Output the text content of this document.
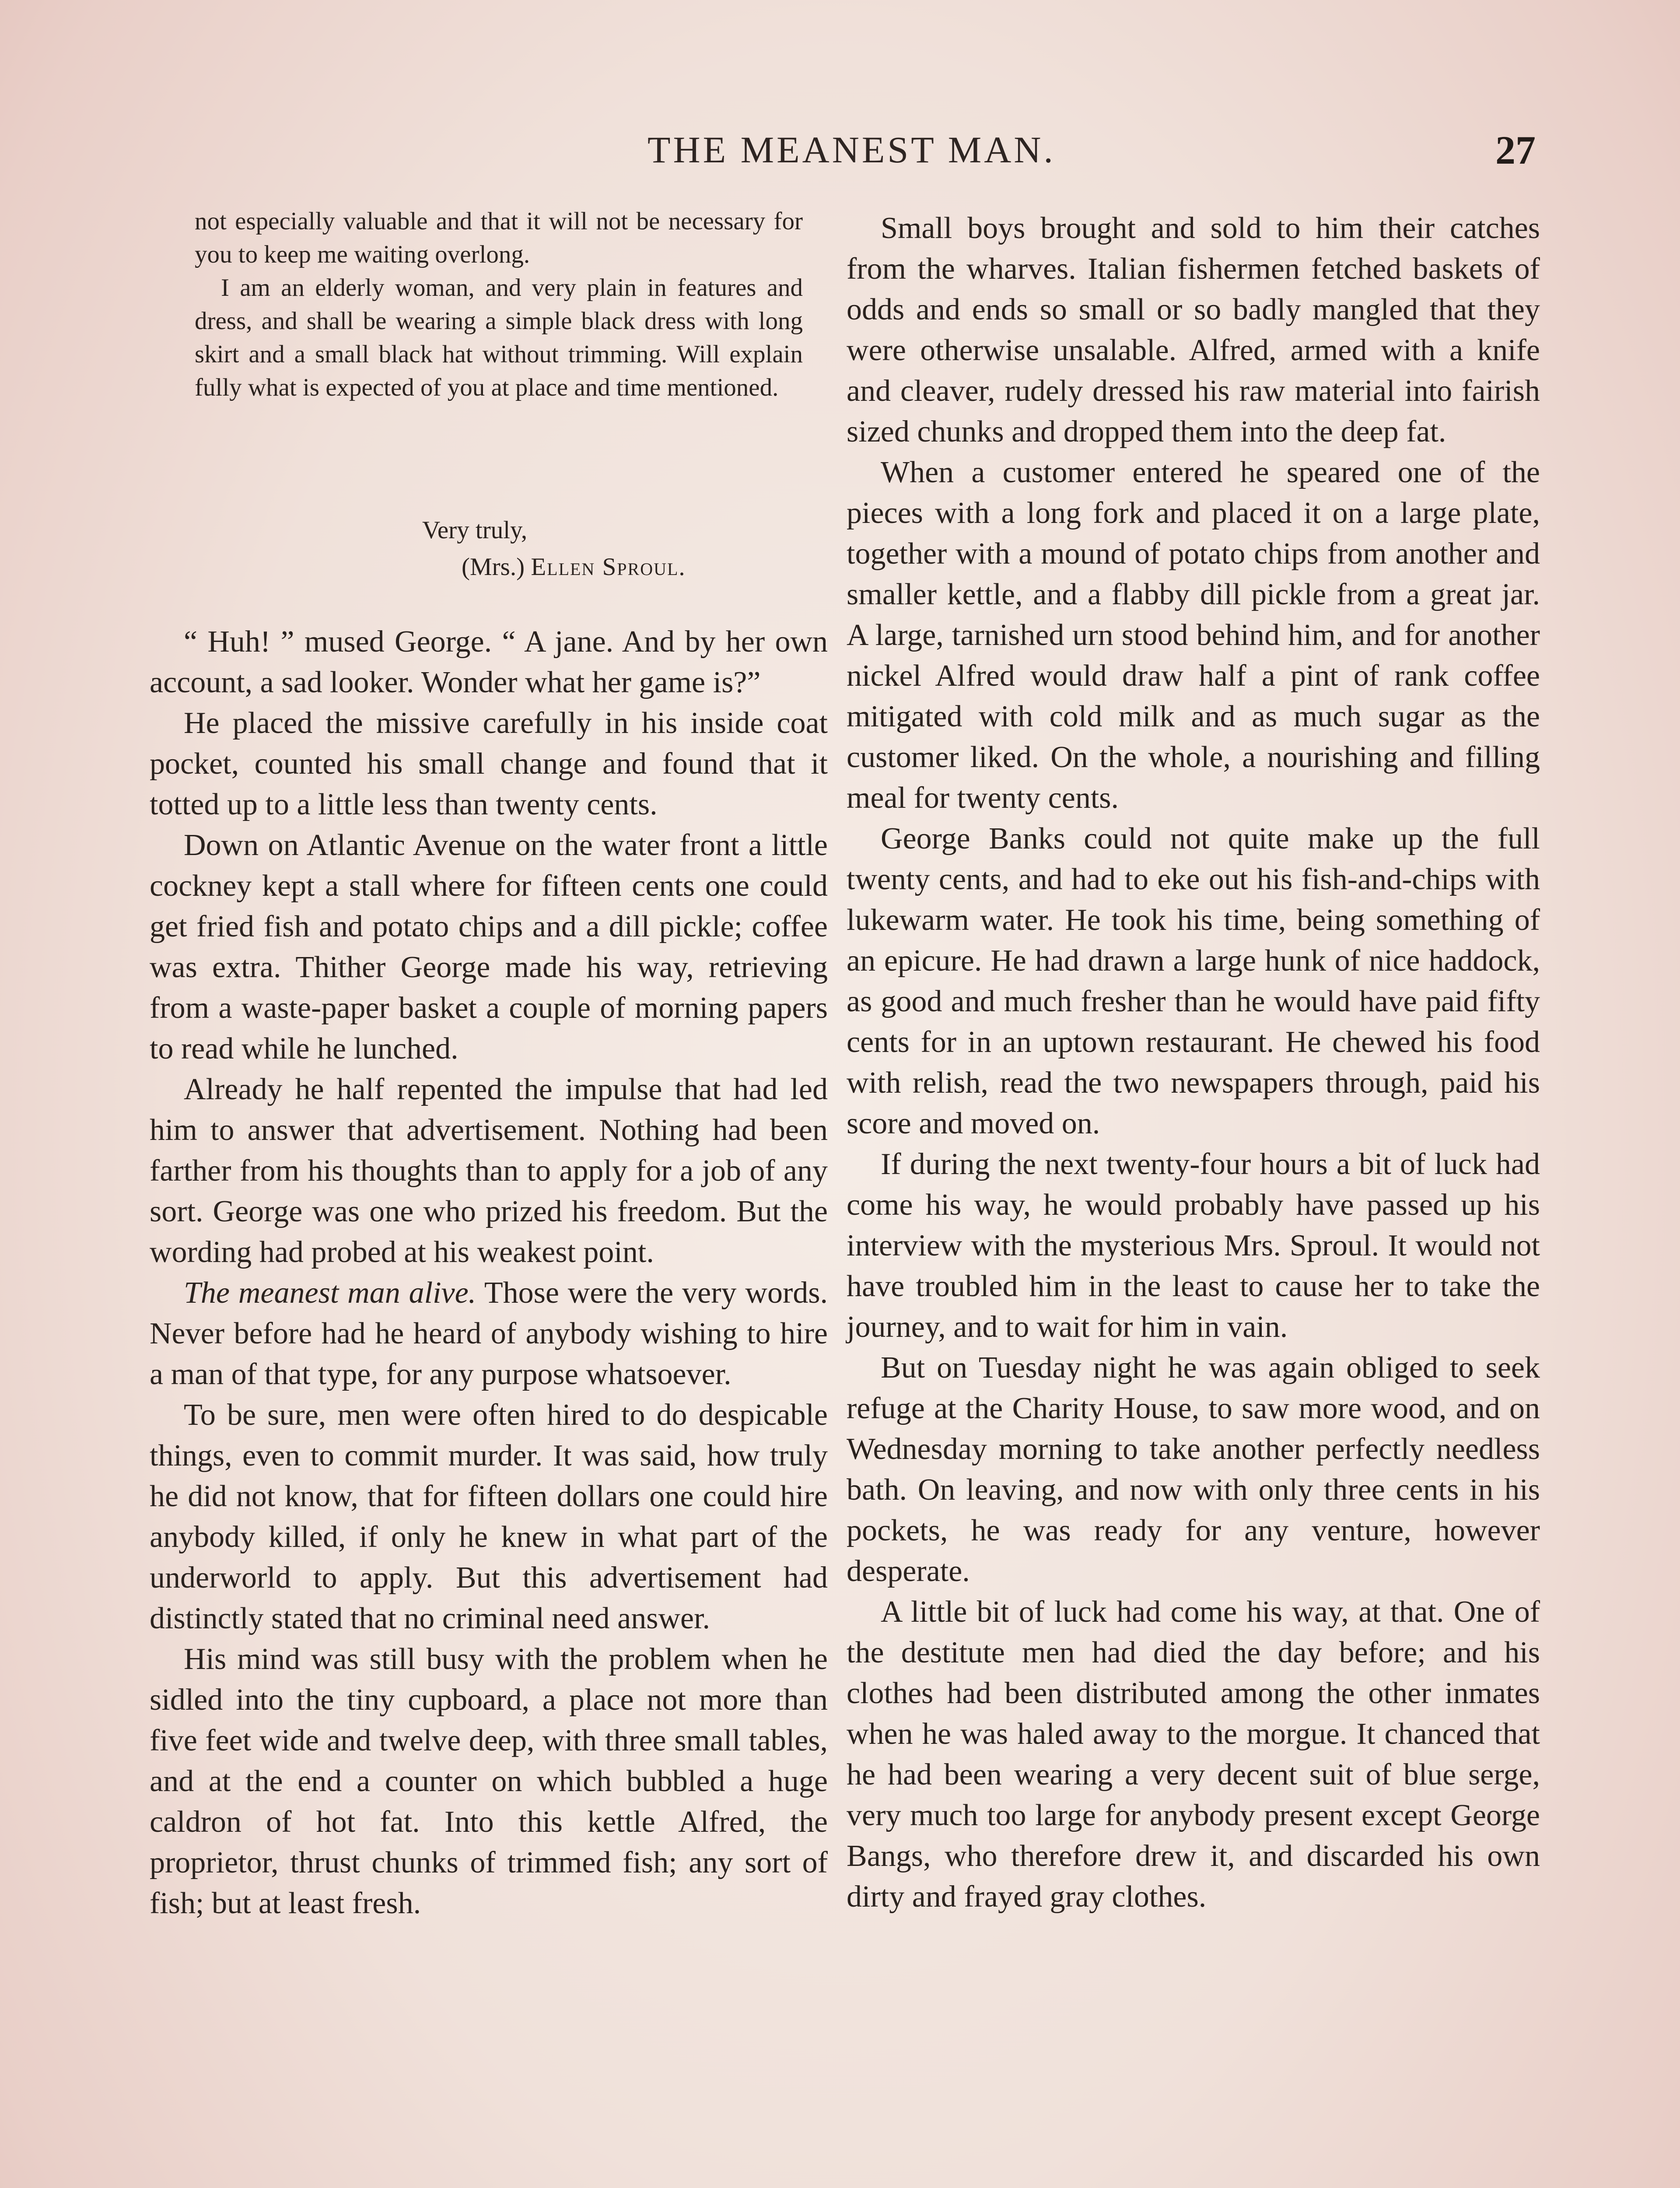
THE MEANEST MAN.	27

not especially valuable and that it will not be necessary for you to keep me waiting overlong.

I am an elderly woman, and very plain in features and dress, and shall be wearing a simple black dress with long skirt and a small black hat without trimming. Will explain fully what is expected of you at place and time mentioned.

Very truly,
(Mrs.) Ellen Sproul.

“ Huh! ” mused George. “ A jane. And by her own account, a sad looker. Wonder what her game is?”

He placed the missive carefully in his inside coat pocket, counted his small change and found that it totted up to a little less than twenty cents.

Down on Atlantic Avenue on the water front a little cockney kept a stall where for fifteen cents one could get fried fish and potato chips and a dill pickle; coffee was extra. Thither George made his way, retrieving from a waste-paper basket a couple of morning papers to read while he lunched.

Already he half repented the impulse that had led him to answer that advertisement. Nothing had been farther from his thoughts than to apply for a job of any sort. George was one who prized his freedom. But the wording had probed at his weakest point.

The meanest man alive. Those were the very words. Never before had he heard of anybody wishing to hire a man of that type, for any purpose whatsoever.

To be sure, men were often hired to do despicable things, even to commit murder. It was said, how truly he did not know, that for fifteen dollars one could hire anybody killed, if only he knew in what part of the underworld to apply. But this advertisement had distinctly stated that no criminal need answer.

His mind was still busy with the problem when he sidled into the tiny cupboard, a place not more than five feet wide and twelve deep, with three small tables, and at the end a counter on which bubbled a huge caldron of hot fat. Into this kettle Alfred, the proprietor, thrust chunks of trimmed fish; any sort of fish; but at least fresh.

Small boys brought and sold to him their catches from the wharves. Italian fishermen fetched baskets of odds and ends so small or so badly mangled that they were otherwise unsalable. Alfred, armed with a knife and cleaver, rudely dressed his raw material into fairish sized chunks and dropped them into the deep fat.

When a customer entered he speared one of the pieces with a long fork and placed it on a large plate, together with a mound of potato chips from another and smaller kettle, and a flabby dill pickle from a great jar. A large, tarnished urn stood behind him, and for another nickel Alfred would draw half a pint of rank coffee mitigated with cold milk and as much sugar as the customer liked. On the whole, a nourishing and filling meal for twenty cents.

George Banks could not quite make up the full twenty cents, and had to eke out his fish-and-chips with lukewarm water. He took his time, being something of an epicure. He had drawn a large hunk of nice haddock, as good and much fresher than he would have paid fifty cents for in an uptown restaurant. He chewed his food with relish, read the two newspapers through, paid his score and moved on.

If during the next twenty-four hours a bit of luck had come his way, he would probably have passed up his interview with the mysterious Mrs. Sproul. It would not have troubled him in the least to cause her to take the journey, and to wait for him in vain.

But on Tuesday night he was again obliged to seek refuge at the Charity House, to saw more wood, and on Wednesday morning to take another perfectly needless bath. On leaving, and now with only three cents in his pockets, he was ready for any venture, however desperate.

A little bit of luck had come his way, at that. One of the destitute men had died the day before; and his clothes had been distributed among the other inmates when he was haled away to the morgue. It chanced that he had been wearing a very decent suit of blue serge, very much too large for anybody present except George Bangs, who therefore drew it, and discarded his own dirty and frayed gray clothes.
